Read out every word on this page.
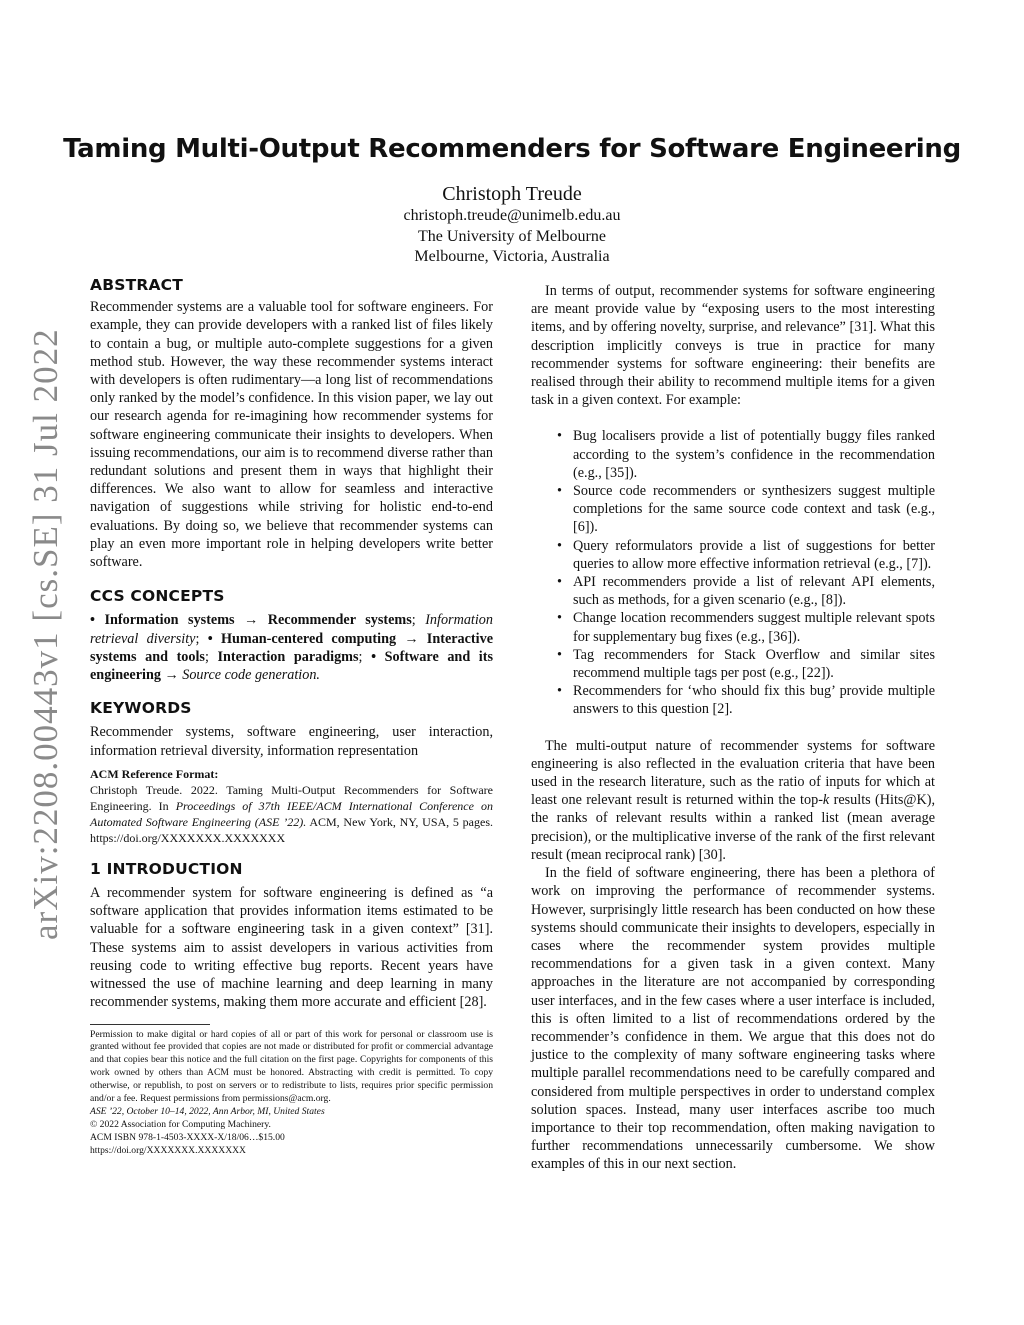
arXiv:2208.00443v1 [cs.SE] 31 Jul 2022
Taming Multi-Output Recommenders for Software Engineering
Christoph Treude
christoph.treude@unimelb.edu.au
The University of Melbourne
Melbourne, Victoria, Australia
ABSTRACT

Recommender systems are a valuable tool for software engineers. For example, they can provide developers with a ranked list of files likely to contain a bug, or multiple auto-complete suggestions for a given method stub. However, the way these recommender systems interact with developers is often rudimentary—a long list of recommendations only ranked by the model’s confidence. In this vision paper, we lay out our research agenda for re-imagining how recommender systems for software engineering communicate their insights to developers. When issuing recommendations, our aim is to recommend diverse rather than redundant solutions and present them in ways that highlight their differences. We also want to allow for seamless and interactive navigation of suggestions while striving for holistic end-to-end evaluations. By doing so, we believe that recommender systems can play an even more important role in helping developers write better software.

CCS CONCEPTS

• Information systems → Recommender systems; Information retrieval diversity; • Human-centered computing → Interactive systems and tools; Interaction paradigms; • Software and its engineering → Source code generation.

KEYWORDS

Recommender systems, software engineering, user interaction, information retrieval diversity, information representation

ACM Reference Format:
Christoph Treude. 2022. Taming Multi-Output Recommenders for Software Engineering. In Proceedings of 37th IEEE/ACM International Conference on Automated Software Engineering (ASE ’22). ACM, New York, NY, USA, 5 pages. https://doi.org/XXXXXXX.XXXXXXX
1 INTRODUCTION

A recommender system for software engineering is defined as “a software application that provides information items estimated to be valuable for a software engineering task in a given context” [31]. These systems aim to assist developers in various activities from reusing code to writing effective bug reports. Recent years have witnessed the use of machine learning and deep learning in many recommender systems, making them more accurate and efficient [28].

Permission to make digital or hard copies of all or part of this work for personal or classroom use is granted without fee provided that copies are not made or distributed for profit or commercial advantage and that copies bear this notice and the full citation on the first page. Copyrights for components of this work owned by others than ACM must be honored. Abstracting with credit is permitted. To copy otherwise, or republish, to post on servers or to redistribute to lists, requires prior specific permission and/or a fee. Request permissions from permissions@acm.org.
ASE ’22, October 10–14, 2022, Ann Arbor, MI, United States
© 2022 Association for Computing Machinery.
ACM ISBN 978-1-4503-XXXX-X/18/06…$15.00
https://doi.org/XXXXXXX.XXXXXXX

In terms of output, recommender systems for software engineering are meant provide value by “exposing users to the most interesting items, and by offering novelty, surprise, and relevance” [31]. What this description implicitly conveys is true in practice for many recommender systems for software engineering: their benefits are realised through their ability to recommend multiple items for a given task in a given context. For example:

• Bug localisers provide a list of potentially buggy files ranked according to the system’s confidence in the recommendation (e.g., [35]).
• Source code recommenders or synthesizers suggest multiple completions for the same source code context and task (e.g., [6]).
• Query reformulators provide a list of suggestions for better queries to allow more effective information retrieval (e.g., [7]).
• API recommenders provide a list of relevant API elements, such as methods, for a given scenario (e.g., [8]).
• Change location recommenders suggest multiple relevant spots for supplementary bug fixes (e.g., [36]).
• Tag recommenders for Stack Overflow and similar sites recommend multiple tags per post (e.g., [22]).
• Recommenders for ‘who should fix this bug’ provide multiple answers to this question [2].

The multi-output nature of recommender systems for software engineering is also reflected in the evaluation criteria that have been used in the research literature, such as the ratio of inputs for which at least one relevant result is returned within the top-k results (Hits@K), the ranks of relevant results within a ranked list (mean average precision), or the multiplicative inverse of the rank of the first relevant result (mean reciprocal rank) [30].

In the field of software engineering, there has been a plethora of work on improving the performance of recommender systems. However, surprisingly little research has been conducted on how these systems should communicate their insights to developers, especially in cases where the recommender system provides multiple recommendations for a given task in a given context. Many approaches in the literature are not accompanied by corresponding user interfaces, and in the few cases where a user interface is included, this is often limited to a list of recommendations ordered by the recommender’s confidence in them. We argue that this does not do justice to the complexity of many software engineering tasks where multiple parallel recommendations need to be carefully compared and considered from multiple perspectives in order to understand complex solution spaces. Instead, many user interfaces ascribe too much importance to their top recommendation, often making navigation to further recommendations unnecessarily cumbersome. We show examples of this in our next section.
